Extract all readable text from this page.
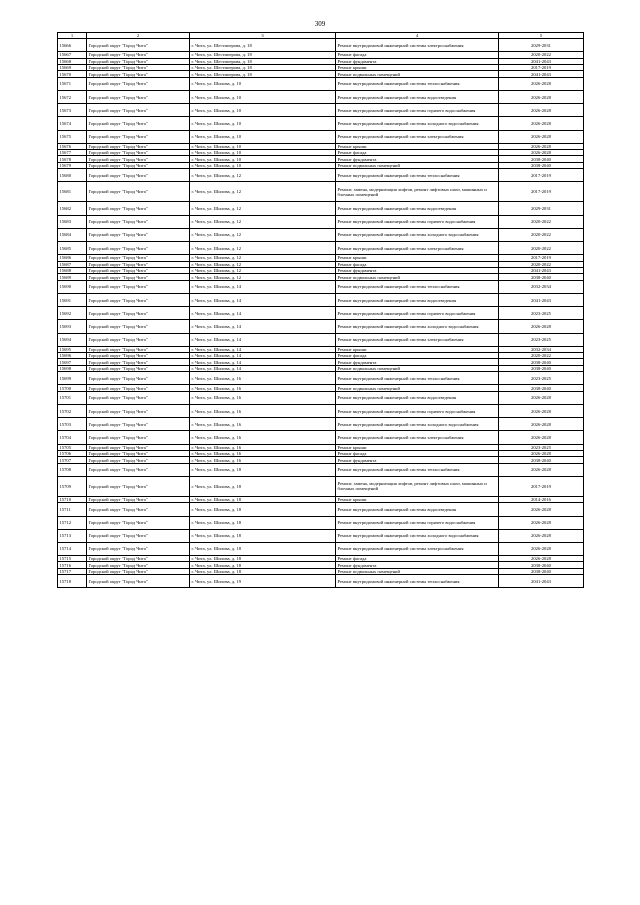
309
1	2	3	4	5
15666	Городской округ "Город Чита"	г. Чита, ул. Шестиперова, д. 18	Ремонт внутридомовой инженерной системы электроснабжения	2029-2031
15667	Городской округ "Город Чита"	г. Чита, ул. Шестиперова, д. 18	Ремонт фасада	2020-2022
15668	Городской округ "Город Чита"	г. Чита, ул. Шестиперова, д. 18	Ремонт фундамента	2041-2043
15669	Городской округ "Город Чита"	г. Чита, ул. Шестиперова, д. 18	Ремонт крыши	2017-2019
15670	Городской округ "Город Чита"	г. Чита, ул. Шестиперова, д. 18	Ремонт подвальных помещений	2041-2043
15671	Городской округ "Город Чита"	г. Чита, ул. Шилова, д. 10	Ремонт внутридомовой инженерной системы теплоснабжения	2026-2028
15672	Городской округ "Город Чита"	г. Чита, ул. Шилова, д. 10	Ремонт внутридомовой инженерной системы водоотведения	2026-2028
15673	Городской округ "Город Чита"	г. Чита, ул. Шилова, д. 10	Ремонт внутридомовой инженерной системы горячего водоснабжения	2026-2028
15674	Городской округ "Город Чита"	г. Чита, ул. Шилова, д. 10	Ремонт внутридомовой инженерной системы холодного водоснабжения	2026-2028
15675	Городской округ "Город Чита"	г. Чита, ул. Шилова, д. 10	Ремонт внутридомовой инженерной системы электроснабжения	2026-2028
15676	Городской округ "Город Чита"	г. Чита, ул. Шилова, д. 10	Ремонт крыши	2026-2028
15677	Городской округ "Город Чита"	г. Чита, ул. Шилова, д. 10	Ремонт фасада	2026-2028
15678	Городской округ "Город Чита"	г. Чита, ул. Шилова, д. 10	Ремонт фундамента	2038-2040
15679	Городской округ "Город Чита"	г. Чита, ул. Шилова, д. 10	Ремонт подвальных помещений	2038-2040
15680	Городской округ "Город Чита"	г. Чита, ул. Шилова, д. 12	Ремонт внутридомовой инженерной системы теплоснабжения	2017-2019
15681	Городской округ "Город Чита"	г. Чита, ул. Шилова, д. 12	Ремонт, замена, модернизация лифтов, ремонт лифтовых шахт, машинных и блочных помещений	2017-2019
15682	Городской округ "Город Чита"	г. Чита, ул. Шилова, д. 12	Ремонт внутридомовой инженерной системы водоотведения	2029-2031
15683	Городской округ "Город Чита"	г. Чита, ул. Шилова, д. 12	Ремонт внутридомовой инженерной системы горячего водоснабжения	2020-2022
15684	Городской округ "Город Чита"	г. Чита, ул. Шилова, д. 12	Ремонт внутридомовой инженерной системы холодного водоснабжения	2020-2022
15685	Городской округ "Город Чита"	г. Чита, ул. Шилова, д. 12	Ремонт внутридомовой инженерной системы электроснабжения	2020-2022
15686	Городской округ "Город Чита"	г. Чита, ул. Шилова, д. 12	Ремонт крыши	2017-2019
15687	Городской округ "Город Чита"	г. Чита, ул. Шилова, д. 12	Ремонт фасада	2020-2022
15688	Городской округ "Город Чита"	г. Чита, ул. Шилова, д. 12	Ремонт фундамента	2041-2043
15689	Городской округ "Город Чита"	г. Чита, ул. Шилова, д. 12	Ремонт подвальных помещений	2038-2040
15690	Городской округ "Город Чита"	г. Чита, ул. Шилова, д. 14	Ремонт внутридомовой инженерной системы теплоснабжения	2032-2034
15691	Городской округ "Город Чита"	г. Чита, ул. Шилова, д. 14	Ремонт внутридомовой инженерной системы водоотведения	2041-2043
15692	Городской округ "Город Чита"	г. Чита, ул. Шилова, д. 14	Ремонт внутридомовой инженерной системы горячего водоснабжения	2023-2025
15693	Городской округ "Город Чита"	г. Чита, ул. Шилова, д. 14	Ремонт внутридомовой инженерной системы холодного водоснабжения	2026-2028
15694	Городской округ "Город Чита"	г. Чита, ул. Шилова, д. 14	Ремонт внутридомовой инженерной системы электроснабжения	2023-2025
15695	Городской округ "Город Чита"	г. Чита, ул. Шилова, д. 14	Ремонт крыши	2032-2034
15696	Городской округ "Город Чита"	г. Чита, ул. Шилова, д. 14	Ремонт фасада	2020-2022
15697	Городской округ "Город Чита"	г. Чита, ул. Шилова, д. 14	Ремонт фундамента	2038-2040
15698	Городской округ "Город Чита"	г. Чита, ул. Шилова, д. 14	Ремонт подвальных помещений	2038-2040
15699	Городской округ "Город Чита"	г. Чита, ул. Шилова, д. 16	Ремонт внутридомовой инженерной системы теплоснабжения	2023-2025
15700	Городской округ "Город Чита"	г. Чита, ул. Шилова, д. 16	Ремонт подвальных помещений	2038-2040
15701	Городской округ "Город Чита"	г. Чита, ул. Шилова, д. 16	Ремонт внутридомовой инженерной системы водоотведения	2026-2028
15702	Городской округ "Город Чита"	г. Чита, ул. Шилова, д. 16	Ремонт внутридомовой инженерной системы горячего водоснабжения	2026-2028
15703	Городской округ "Город Чита"	г. Чита, ул. Шилова, д. 16	Ремонт внутридомовой инженерной системы холодного водоснабжения	2026-2028
15704	Городской округ "Город Чита"	г. Чита, ул. Шилова, д. 16	Ремонт внутридомовой инженерной системы электроснабжения	2026-2028
15705	Городской округ "Город Чита"	г. Чита, ул. Шилова, д. 16	Ремонт крыши	2023-2025
15706	Городской округ "Город Чита"	г. Чита, ул. Шилова, д. 16	Ремонт фасада	2026-2028
15707	Городской округ "Город Чита"	г. Чита, ул. Шилова, д. 16	Ремонт фундамента	2038-2040
15708	Городской округ "Город Чита"	г. Чита, ул. Шилова, д. 18	Ремонт внутридомовой инженерной системы теплоснабжения	2026-2028
15709	Городской округ "Город Чита"	г. Чита, ул. Шилова, д. 18	Ремонт, замена, модернизация лифтов, ремонт лифтовых шахт, машинных и блочных помещений	2017-2019
15710	Городской округ "Город Чита"	г. Чита, ул. Шилова, д. 18	Ремонт крыши	2014-2016
15711	Городской округ "Город Чита"	г. Чита, ул. Шилова, д. 18	Ремонт внутридомовой инженерной системы водоотведения	2026-2028
15712	Городской округ "Город Чита"	г. Чита, ул. Шилова, д. 18	Ремонт внутридомовой инженерной системы горячего водоснабжения	2026-2028
15713	Городской округ "Город Чита"	г. Чита, ул. Шилова, д. 18	Ремонт внутридомовой инженерной системы холодного водоснабжения	2026-2028
15714	Городской округ "Город Чита"	г. Чита, ул. Шилова, д. 18	Ремонт внутридомовой инженерной системы электроснабжения	2026-2028
15715	Городской округ "Город Чита"	г. Чита, ул. Шилова, д. 18	Ремонт фасада	2026-2028
15716	Городской округ "Город Чита"	г. Чита, ул. Шилова, д. 18	Ремонт фундамента	2038-2040
15717	Городской округ "Город Чита"	г. Чита, ул. Шилова, д. 18	Ремонт подвальных помещений	2038-2040
15718	Городской округ "Город Чита"	г. Чита, ул. Шилова, д. 19	Ремонт внутридомовой инженерной системы теплоснабжения	2041-2043
